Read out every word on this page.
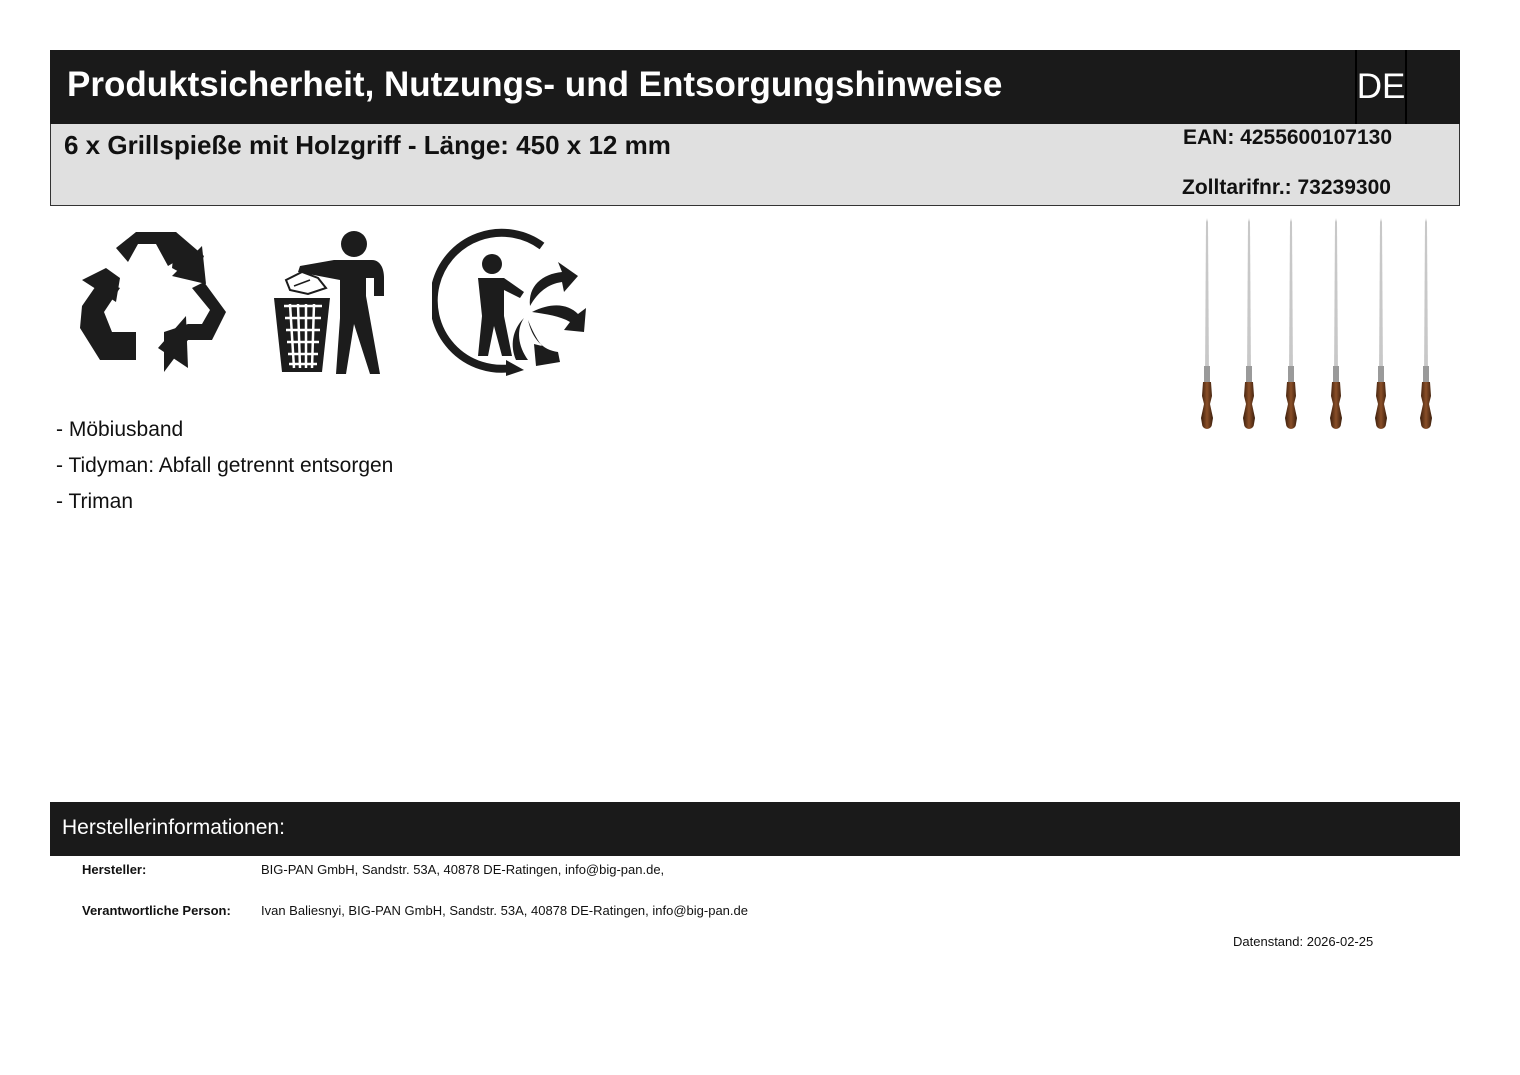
Produktsicherheit, Nutzungs- und Entsorgungshinweise	DE
6 x Grillspieße mit Holzgriff - Länge: 450 x 12 mm	EAN: 4255600107130
Zolltarifnr.: 73239300
- Möbiusband
- Tidyman: Abfall getrennt entsorgen
- Triman
Herstellerinformationen:
Hersteller:	BIG-PAN GmbH, Sandstr. 53A, 40878 DE-Ratingen, info@big-pan.de,
Verantwortliche Person: Ivan Baliesnyi, BIG-PAN GmbH, Sandstr. 53A, 40878 DE-Ratingen, info@big-pan.de
Datenstand: 2026-02-25
